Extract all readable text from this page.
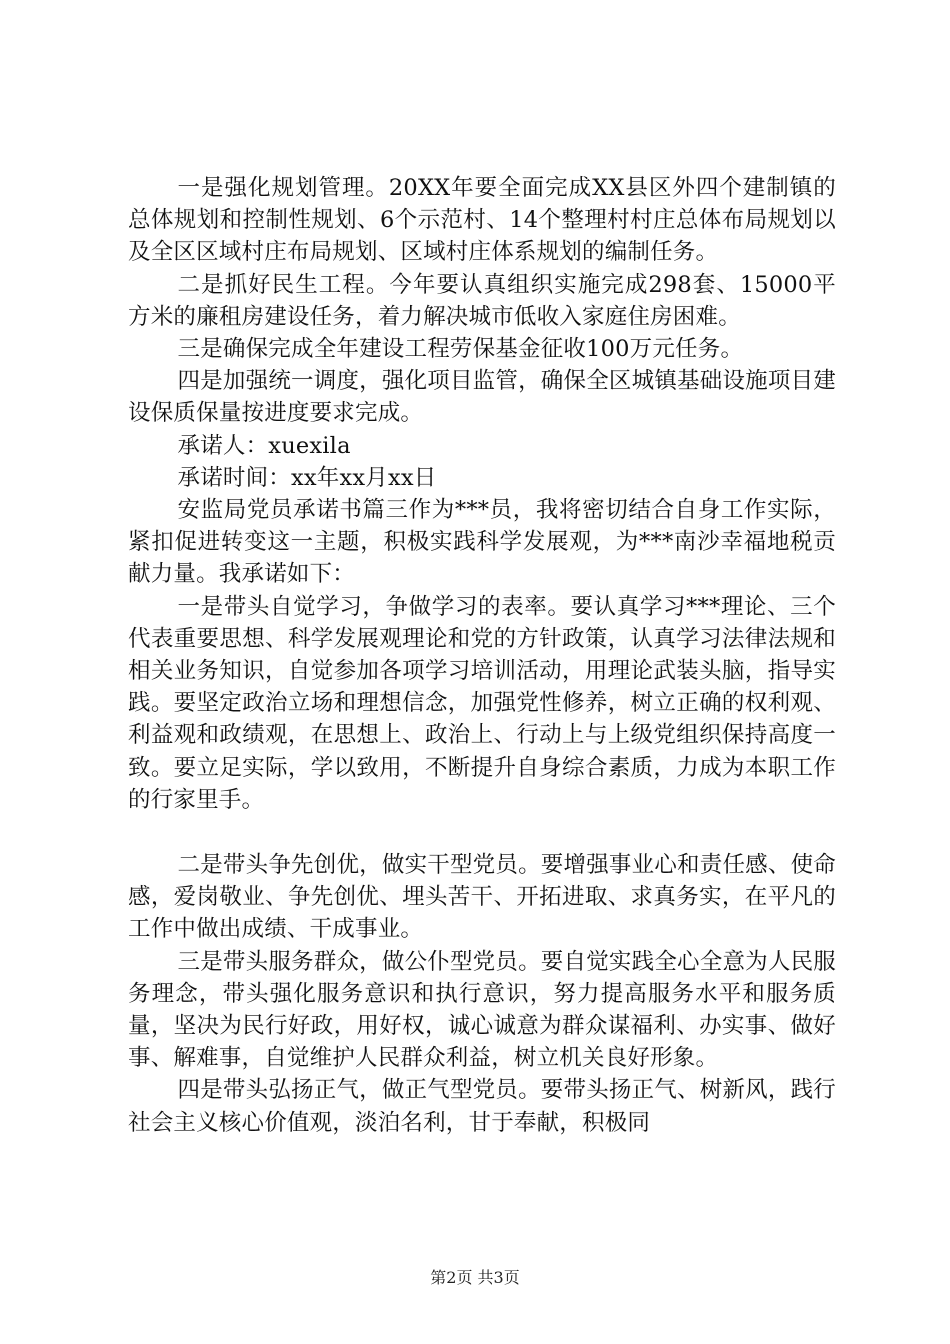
一是强化规划管理。20XX年要全面完成XX县区外四个建制镇的总体规划和控制性规划、6个示范村、14个整理村村庄总体布局规划以及全区区域村庄布局规划、区域村庄体系规划的编制任务。

二是抓好民生工程。今年要认真组织实施完成298套、15000平方米的廉租房建设任务，着力解决城市低收入家庭住房困难。

三是确保完成全年建设工程劳保基金征收100万元任务。

四是加强统一调度，强化项目监管，确保全区城镇基础设施项目建设保质保量按进度要求完成。

承诺人：xuexila

承诺时间：xx年xx月xx日

安监局党员承诺书篇三作为***员，我将密切结合自身工作实际，紧扣促进转变这一主题，积极实践科学发展观，为***南沙幸福地税贡献力量。我承诺如下：

一是带头自觉学习，争做学习的表率。要认真学习***理论、三个代表重要思想、科学发展观理论和党的方针政策，认真学习法律法规和相关业务知识，自觉参加各项学习培训活动，用理论武装头脑，指导实践。要坚定政治立场和理想信念，加强党性修养，树立正确的权利观、利益观和政绩观，在思想上、政治上、行动上与上级党组织保持高度一致。要立足实际，学以致用，不断提升自身综合素质，力成为本职工作的行家里手。

二是带头争先创优，做实干型党员。要增强事业心和责任感、使命感，爱岗敬业、争先创优、埋头苦干、开拓进取、求真务实，在平凡的工作中做出成绩、干成事业。

三是带头服务群众，做公仆型党员。要自觉实践全心全意为人民服务理念，带头强化服务意识和执行意识，努力提高服务水平和服务质量，坚决为民行好政，用好权，诚心诚意为群众谋福利、办实事、做好事、解难事，自觉维护人民群众利益，树立机关良好形象。

四是带头弘扬正气，做正气型党员。要带头扬正气、树新风，践行社会主义核心价值观，淡泊名利，甘于奉献，积极同

第2页 共3页
